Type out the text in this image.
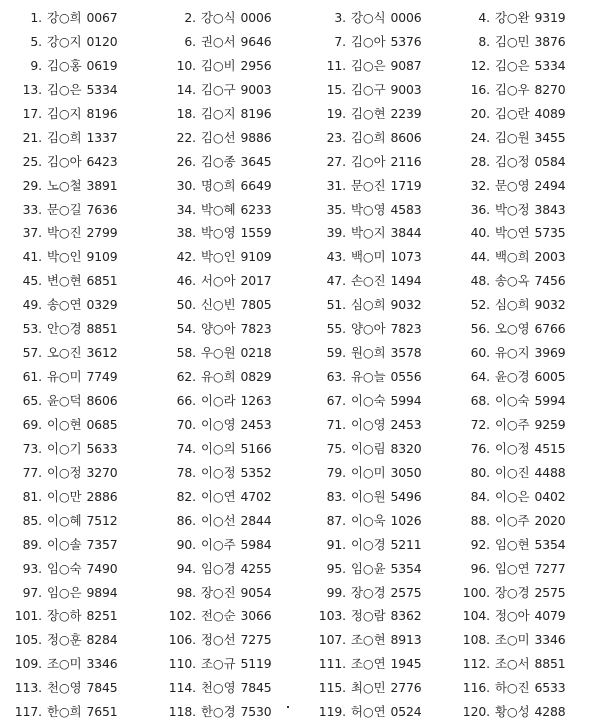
1. 강○희 0067	2. 강○식 0006	3. 강○식 0006	4. 강○완 9319
5. 강○지 0120	6. 권○서 9646	7. 김○아 5376	8. 김○민 3876
9. 김○홍 0619	10. 김○비 2956	11. 김○은 9087	12. 김○은 5334
13. 김○은 5334	14. 김○구 9003	15. 김○구 9003	16. 김○우 8270
17. 김○지 8196	18. 김○지 8196	19. 김○현 2239	20. 김○란 4089
21. 김○희 1337	22. 김○선 9886	23. 김○희 8606	24. 김○원 3455
25. 김○아 6423	26. 김○종 3645	27. 김○아 2116	28. 김○정 0584
29. 노○철 3891	30. 명○희 6649	31. 문○진 1719	32. 문○영 2494
33. 문○길 7636	34. 박○혜 6233	35. 박○영 4583	36. 박○정 3843
37. 박○진 2799	38. 박○영 1559	39. 박○지 3844	40. 박○연 5735
41. 박○인 9109	42. 박○인 9109	43. 백○미 1073	44. 백○희 2003
45. 변○현 6851	46. 서○아 2017	47. 손○진 1494	48. 송○옥 7456
49. 송○연 0329	50. 신○빈 7805	51. 심○희 9032	52. 심○희 9032
53. 안○경 8851	54. 양○아 7823	55. 양○아 7823	56. 오○영 6766
57. 오○진 3612	58. 우○원 0218	59. 원○희 3578	60. 유○지 3969
61. 유○미 7749	62. 유○희 0829	63. 유○늘 0556	64. 윤○경 6005
65. 윤○덕 8606	66. 이○라 1263	67. 이○숙 5994	68. 이○숙 5994
69. 이○현 0685	70. 이○영 2453	71. 이○영 2453	72. 이○주 9259
73. 이○기 5633	74. 이○의 5166	75. 이○림 8320	76. 이○정 4515
77. 이○정 3270	78. 이○정 5352	79. 이○미 3050	80. 이○진 4488
81. 이○만 2886	82. 이○연 4702	83. 이○원 5496	84. 이○은 0402
85. 이○혜 7512	86. 이○선 2844	87. 이○욱 1026	88. 이○주 2020
89. 이○솔 7357	90. 이○주 5984	91. 이○경 5211	92. 임○현 5354
93. 임○숙 7490	94. 임○경 4255	95. 임○윤 5354	96. 임○연 7277
97. 임○은 9894	98. 장○진 9054	99. 장○경 2575	100. 장○경 2575
101. 장○하 8251	102. 전○순 3066	103. 정○람 8362	104. 정○아 4079
105. 정○훈 8284	106. 정○선 7275	107. 조○현 8913	108. 조○미 3346
109. 조○미 3346	110. 조○규 5119	111. 조○연 1945	112. 조○서 8851
113. 천○영 7845	114. 천○영 7845	115. 최○민 2776	116. 하○진 6533
117. 한○희 7651	118. 한○경 7530	119. 허○연 0524	120. 황○성 4288
